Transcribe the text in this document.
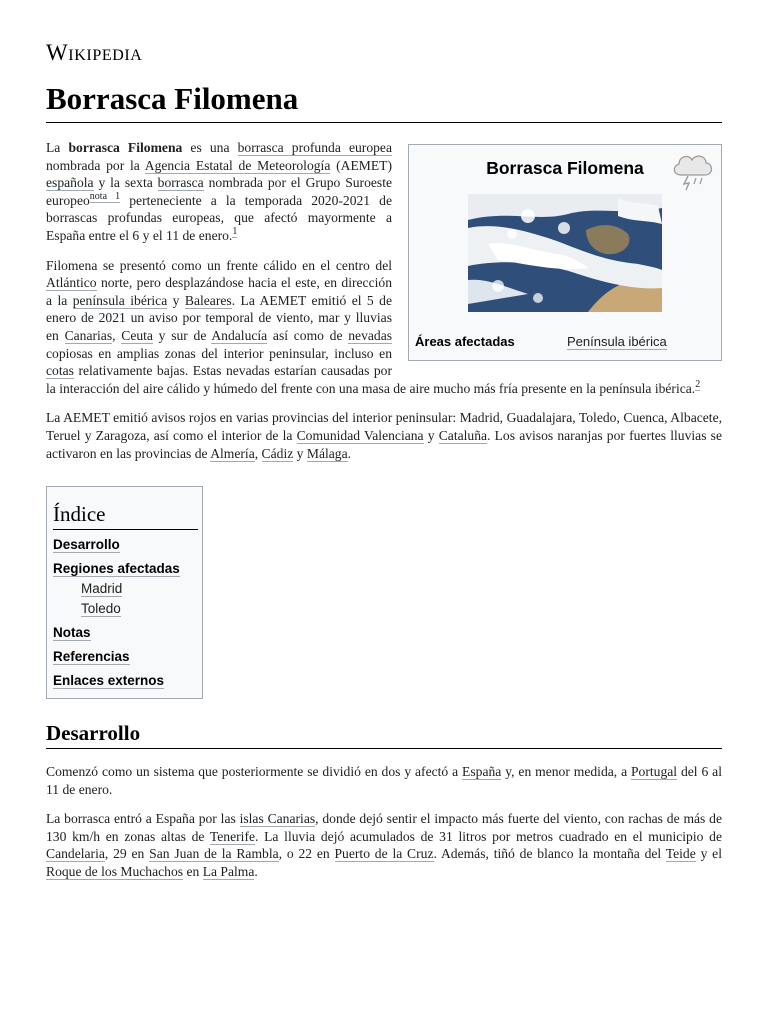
Wikipedia
Borrasca Filomena
Borrasca Filomena
Áreas afectadas	Península ibérica

La borrasca Filomena es una borrasca profunda europea nombrada por la Agencia Estatal de Meteorología (AEMET) española y la sexta borrasca nombrada por el Grupo Suroeste europeo$^{nota 1}$ perteneciente a la temporada 2020-2021 de borrascas profundas europeas, que afectó mayormente a España entre el 6 y el 11 de enero.$^1$

Filomena se presentó como un frente cálido en el centro del Atlántico norte, pero desplazándose hacia el este, en dirección a la península ibérica y Baleares. La AEMET emitió el 5 de enero de 2021 un aviso por temporal de viento, mar y lluvias en Canarias, Ceuta y sur de Andalucía así como de nevadas copiosas en amplias zonas del interior peninsular, incluso en cotas relativamente bajas. Estas nevadas estarían causadas por la interacción del aire cálido y húmedo del frente con una masa de aire mucho más fría presente en la península ibérica.$^2$

La AEMET emitió avisos rojos en varias provincias del interior peninsular: Madrid, Guadalajara, Toledo, Cuenca, Albacete, Teruel y Zaragoza, así como el interior de la Comunidad Valenciana y Cataluña. Los avisos naranjas por fuertes lluvias se activaron en las provincias de Almería, Cádiz y Málaga.

Índice
Desarrollo
Regiones afectadas
Madrid
Toledo
Notas
Referencias
Enlaces externos
Desarrollo

Comenzó como un sistema que posteriormente se dividió en dos y afectó a España y, en menor medida, a Portugal del 6 al 11 de enero.

La borrasca entró a España por las islas Canarias, donde dejó sentir el impacto más fuerte del viento, con rachas de más de 130 km/h en zonas altas de Tenerife. La lluvia dejó acumulados de 31 litros por metros cuadrado en el municipio de Candelaria, 29 en San Juan de la Rambla, o 22 en Puerto de la Cruz. Además, tiñó de blanco la montaña del Teide y el Roque de los Muchachos en La Palma.
